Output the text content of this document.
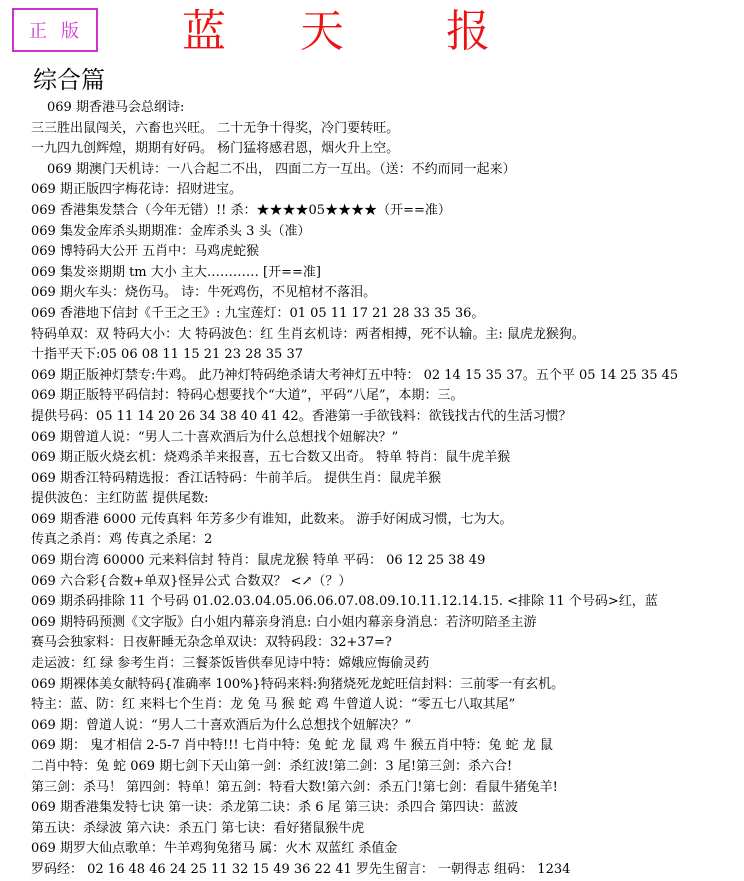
正版 蓝	天	报
综合篇
069 期香港马会总纲诗:
三三胜出鼠闯关，六畜也兴旺。 二十无争十得奖，冷门要转旺。
一九四九创辉煌，期期有好码。 杨门猛将感君恩，烟火升上空。
069 期澳门天机诗：一八合起二不出， 四面二方一互出。（送：不约而同一起来）
069 期正版四字梅花诗：招财进宝。
069 香港集发禁合（今年无错）!! 杀：★★★★05★★★★（开==准）
069 集发金库杀头期期准：金库杀头 3 头（准）
069 博特码大公开 五肖中：马鸡虎蛇猴
069 集发※期期 tm 大小 主大………… [开==准]
069 期火车头：烧伤马。 诗：牛死鸡伤，不见棺材不落泪。
069 香港地下信封《千王之王》: 九宝莲灯：01 05 11 17 21 28 33 35 36。
特码单双：双 特码大小：大 特码波色：红 生肖玄机诗：两者相搏，死不认输。主: 鼠虎龙猴狗。
十指平天下:05 06 08 11 15 21 23 28 35 37
069 期正版神灯禁专:牛鸡。 此乃神灯特码绝杀请大考神灯五中特： 02 14 15 35 37。五个平 05 14 25 35 45
069 期正版特平码信封：特码心想要找个“大道”，平码“八尾”，本期：三。
提供号码：05 11 14 20 26 34 38 40 41 42。香港第一手欲钱料：欲钱找古代的生活习惯？
069 期曾道人说：“男人二十喜欢酒后为什么总想找个妞解决？”
069 期正版火烧玄机：烧鸡杀羊来报喜，五七合数又出奇。 特单 特肖：鼠牛虎羊猴
069 期香江特码精选报：香江话特码：牛前羊后。 提供生肖：鼠虎羊猴
提供波色：主红防蓝 提供尾数:
069 期香港 6000 元传真料 年芳多少有谁知，此数来。 游手好闲成习惯，七为大。
传真之杀肖：鸡 传真之杀尾：2
069 期台湾 60000 元来料信封 特肖：鼠虎龙猴 特单 平码： 06 12 25 38 49
069 六合彩{合数+单双}怪异公式 合数双？ <↗（？）
069 期杀码排除 11 个号码 01.02.03.04.05.06.06.07.08.09.10.11.12.14.15. <排除 11 个号码>红，蓝
069 期特码预测《文字版》白小姐内幕亲身消息: 白小姐内幕亲身消息：若济叨陪圣主游
赛马会独家料：日夜鼾睡无杂念单双诀：双特码段：32+37=?
走运波：红 绿 参考生肖：三餐茶饭皆供奉见诗中特：嫦娥应悔偷灵药
069 期裸体美女献特码{准确率 100%}特码来料:狗猪烧死龙蛇旺信封料：三前零一有玄机。
特主：蓝、防：红 来料七个生肖：龙 兔 马 猴 蛇 鸡 牛曾道人说：“零五七八取其尾”
069 期：曾道人说：“男人二十喜欢酒后为什么总想找个妞解决？”
069 期： 鬼才相信 2-5-7 肖中特!!! 七肖中特：兔 蛇 龙 鼠 鸡 牛 猴五肖中特：兔 蛇 龙 鼠
二肖中特：兔 蛇 069 期七剑下天山第一剑：杀红波!第二剑：3 尾!第三剑：杀六合!
第三剑：杀马！ 第四剑：特单！第五剑：特看大数!第六剑：杀五门!第七剑：看鼠牛猪兔羊!
069 期香港集发特七诀 第一诀：杀龙第二诀：杀 6 尾 第三诀：杀四合 第四诀：蓝波
第五诀：杀绿波 第六诀：杀五门 第七诀：看好猪鼠猴牛虎
069 期罗大仙点歌单：牛羊鸡狗兔猪马 属：火木 双蓝红 杀值金
罗码经： 02 16 48 46 24 25 11 32 15 49 36 22 41 罗先生留言： 一朝得志 组码： 1234
